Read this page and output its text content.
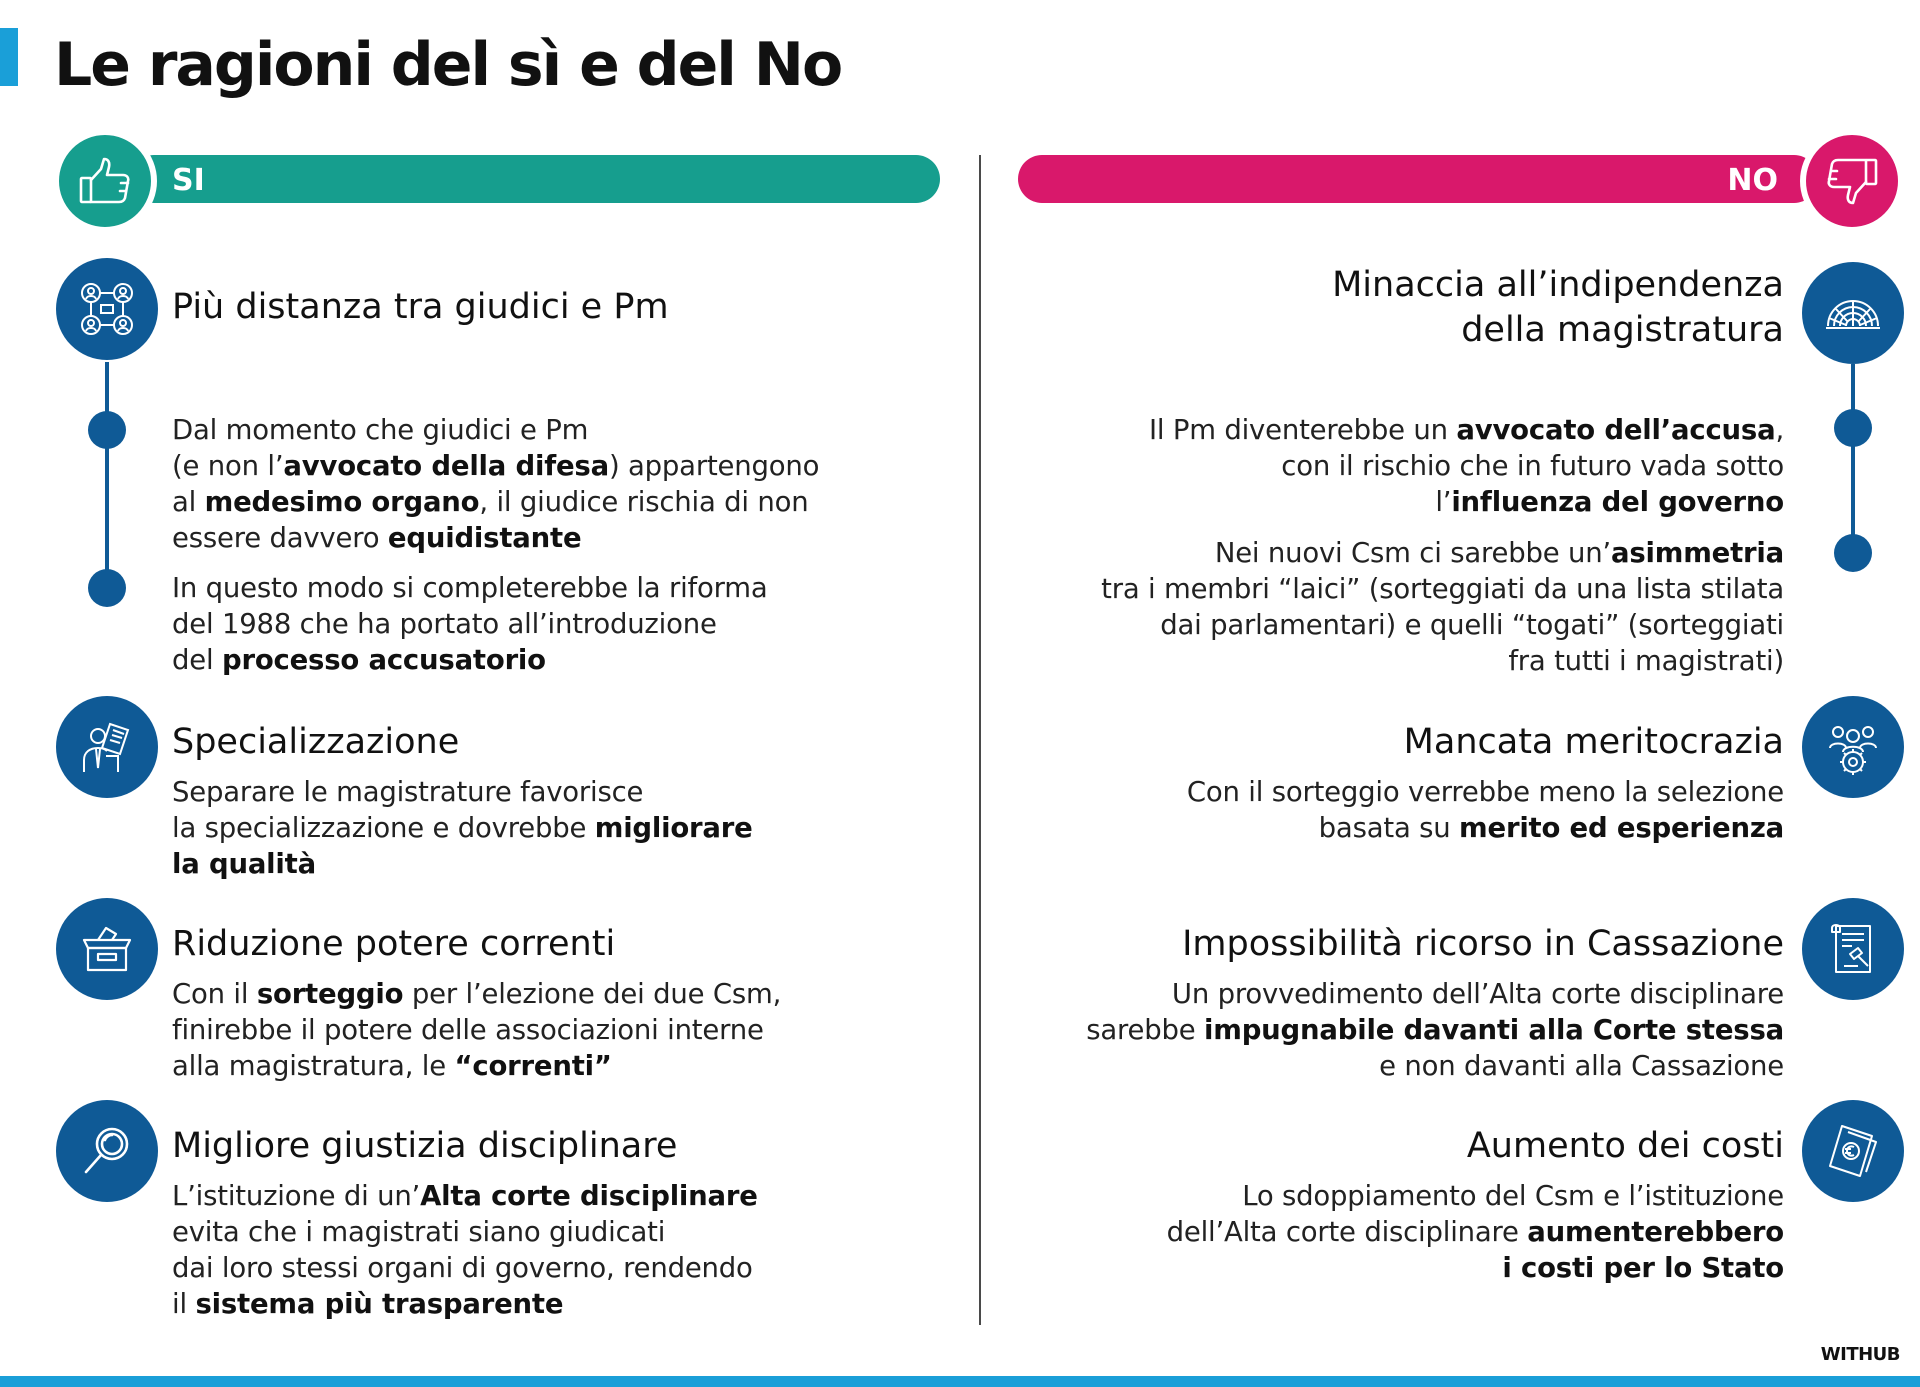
Le ragioni del sì e del No
SI	NO
Più distanza tra giudici e Pm

Dal momento che giudici e Pm
(e non l’avvocato della difesa) appartengono
al medesimo organo, il giudice rischia di non
essere davvero equidistante

In questo modo si completerebbe la riforma
del 1988 che ha portato all’introduzione
del processo accusatorio

Specializzazione

Separare le magistrature favorisce
la specializzazione e dovrebbe migliorare
la qualità

Riduzione potere correnti

Con il sorteggio per l’elezione dei due Csm,
finirebbe il potere delle associazioni interne
alla magistratura, le “correnti”

Migliore giustizia disciplinare

L’istituzione di un’Alta corte disciplinare
evita che i magistrati siano giudicati
dai loro stessi organi di governo, rendendo
il sistema più trasparente

Minaccia all’indipendenza
della magistratura

Il Pm diventerebbe un avvocato dell’accusa,
con il rischio che in futuro vada sotto
l’influenza del governo

Nei nuovi Csm ci sarebbe un’asimmetria
tra i membri “laici” (sorteggiati da una lista stilata
dai parlamentari) e quelli “togati” (sorteggiati
fra tutti i magistrati)

Mancata meritocrazia

Con il sorteggio verrebbe meno la selezione
basata su merito ed esperienza

Impossibilità ricorso in Cassazione

Un provvedimento dell’Alta corte disciplinare
sarebbe impugnabile davanti alla Corte stessa
e non davanti alla Cassazione

Aumento dei costi

Lo sdoppiamento del Csm e l’istituzione
dell’Alta corte disciplinare aumenterebbero
i costi per lo Stato

WITHUB
